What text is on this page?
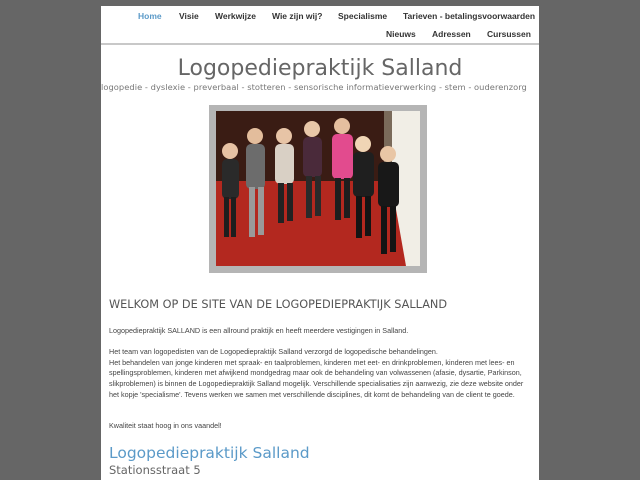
Home Visie Werkwijze Wie zijn wij? Specialisme Tarieven - betalingsvoorwaarden
Nieuws Adressen Cursussen
Logopediepraktijk Salland
logopedie - dyslexie - preverbaal - stotteren - sensorische informatieverwerking - stem - ouderenzorg
WELKOM OP DE SITE VAN DE LOGOPEDIEPRAKTIJK SALLAND
Logopediepraktijk SALLAND is een allround praktijk en heeft meerdere vestigingen in Salland.
Het team van logopedisten van de Logopediepraktijk Salland verzorgd de logopedische behandelingen.
Het behandelen van jonge kinderen met spraak- en taalproblemen, kinderen met eet- en drinkproblemen, kinderen met lees- en spellingsproblemen, kinderen met afwijkend mondgedrag maar ook de behandeling van volwassenen (afasie, dysartie, Parkinson, slikproblemen) is binnen de Logopediepraktijk Salland mogelijk. Verschillende specialisaties zijn aanwezig, zie deze website onder het kopje 'specialisme'. Tevens werken we samen met verschillende disciplines, dit komt de behandeling van de client te goede.
Kwaliteit staat hoog in ons vaandel!
Logopediepraktijk Salland
Stationsstraat 5
